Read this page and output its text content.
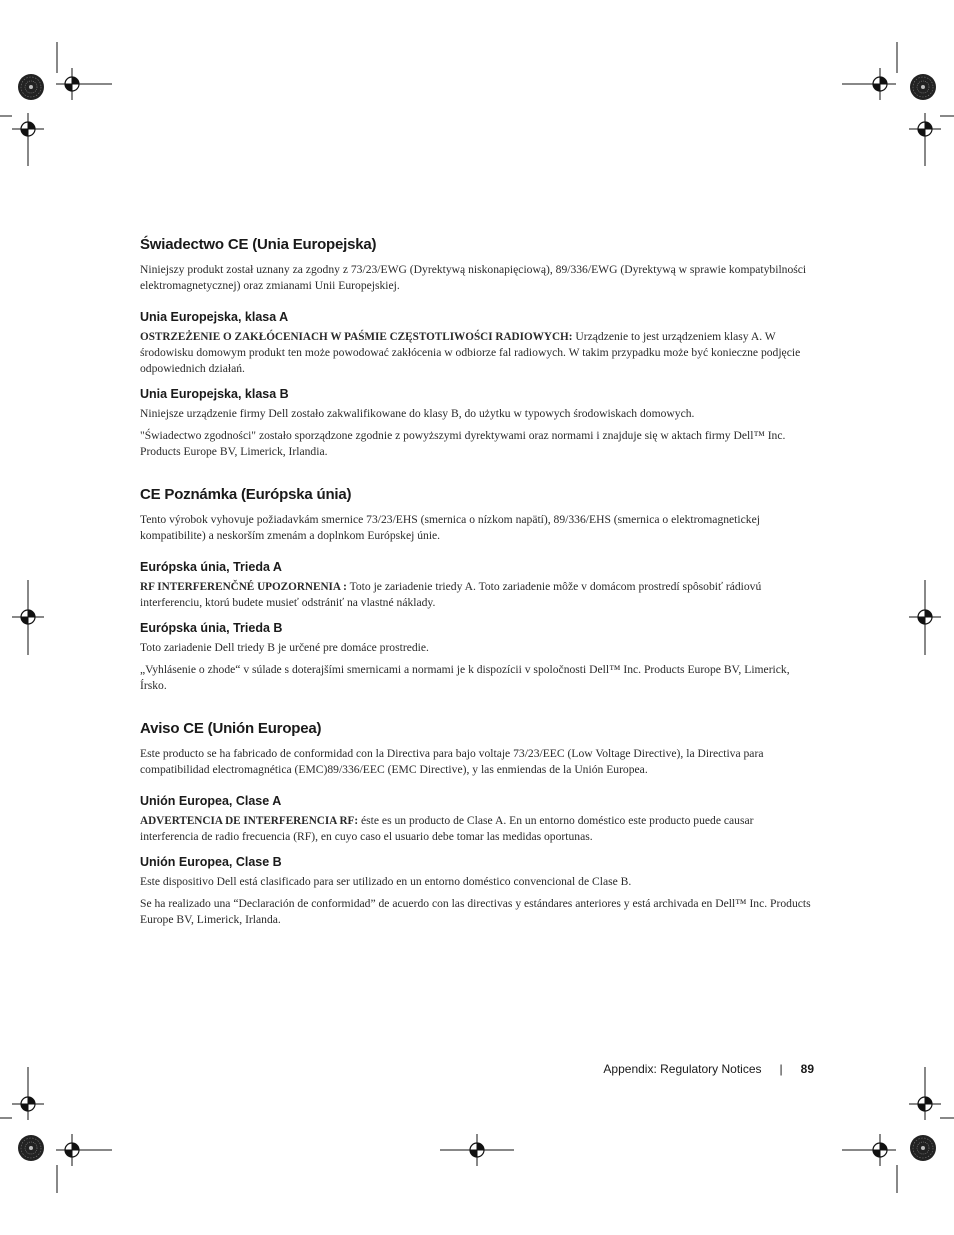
Świadectwo CE (Unia Europejska)

Niniejszy produkt został uznany za zgodny z 73/23/EWG (Dyrektywą niskonapięciową), 89/336/EWG (Dyrektywą w sprawie kompatybilności elektromagnetycznej) oraz zmianami Unii Europejskiej.

Unia Europejska, klasa A

OSTRZEŻENIE O ZAKŁÓCENIACH W PAŚMIE CZĘSTOTLIWOŚCI RADIOWYCH: Urządzenie to jest urządzeniem klasy A. W środowisku domowym produkt ten może powodować zakłócenia w odbiorze fal radiowych. W takim przypadku może być konieczne podjęcie odpowiednich działań.

Unia Europejska, klasa B

Niniejsze urządzenie firmy Dell zostało zakwalifikowane do klasy B, do użytku w typowych środowiskach domowych.

"Świadectwo zgodności" zostało sporządzone zgodnie z powyższymi dyrektywami oraz normami i znajduje się w aktach firmy Dell™ Inc. Products Europe BV, Limerick, Irlandia.

CE Poznámka (Európska únia)

Tento výrobok vyhovuje požiadavkám smernice 73/23/EHS (smernica o nízkom napätí), 89/336/EHS (smernica o elektromagnetickej kompatibilite) a neskorším zmenám a doplnkom Európskej únie.

Európska únia, Trieda A

RF INTERFERENČNÉ UPOZORNENIA : Toto je zariadenie triedy A. Toto zariadenie môže v domácom prostredí spôsobiť rádiovú interferenciu, ktorú budete musieť odstrániť na vlastné náklady.

Európska únia, Trieda B

Toto zariadenie Dell triedy B je určené pre domáce prostredie.

„Vyhlásenie o zhode“ v súlade s doterajšími smernicami a normami je k dispozícii v spoločnosti Dell™ Inc. Products Europe BV, Limerick, Írsko.

Aviso CE (Unión Europea)

Este producto se ha fabricado de conformidad con la Directiva para bajo voltaje 73/23/EEC (Low Voltage Directive), la Directiva para compatibilidad electromagnética (EMC)89/336/EEC (EMC Directive), y las enmiendas de la Unión Europea.

Unión Europea, Clase A

ADVERTENCIA DE INTERFERENCIA RF: éste es un producto de Clase A. En un entorno doméstico este producto puede causar interferencia de radio frecuencia (RF), en cuyo caso el usuario debe tomar las medidas oportunas.

Unión Europea, Clase B

Este dispositivo Dell está clasificado para ser utilizado en un entorno doméstico convencional de Clase B.

Se ha realizado una “Declaración de conformidad” de acuerdo con las directivas y estándares anteriores y está archivada en Dell™ Inc. Products Europe BV, Limerick, Irlanda.

Appendix: Regulatory Notices | 89
